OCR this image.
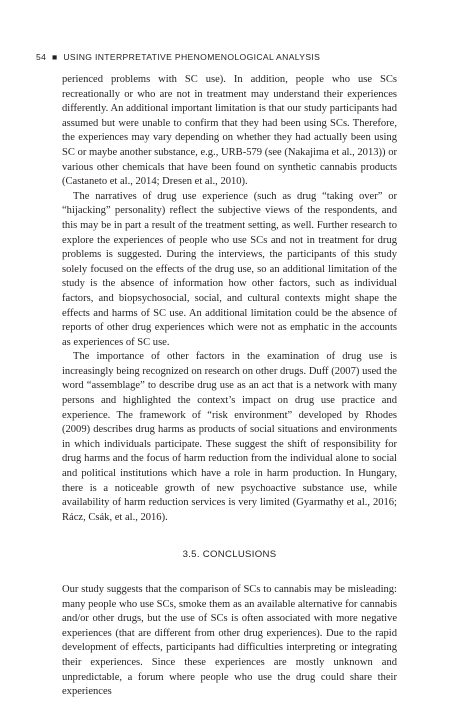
54 ■ USING INTERPRETATIVE PHENOMENOLOGICAL ANALYSIS

perienced problems with SC use). In addition, people who use SCs recreationally or who are not in treatment may understand their experiences differently. An additional important limitation is that our study participants had assumed but were unable to confirm that they had been using SCs. Therefore, the experiences may vary depending on whether they had actually been using SC or maybe another substance, e.g., URB-579 (see (Nakajima et al., 2013)) or various other chemicals that have been found on synthetic cannabis products (Castaneto et al., 2014; Dresen et al., 2010).

The narratives of drug use experience (such as drug “taking over” or “hijacking” personality) reflect the subjective views of the respondents, and this may be in part a result of the treatment setting, as well. Further research to explore the experiences of people who use SCs and not in treatment for drug problems is suggested. During the interviews, the participants of this study solely focused on the effects of the drug use, so an additional limitation of the study is the absence of information how other factors, such as individual factors, and biopsychosocial, social, and cultural contexts might shape the effects and harms of SC use. An additional limitation could be the absence of reports of other drug experiences which were not as emphatic in the accounts as experiences of SC use.

The importance of other factors in the examination of drug use is increasingly being recognized on research on other drugs. Duff (2007) used the word “assemblage” to describe drug use as an act that is a network with many persons and highlighted the context’s impact on drug use practice and experience. The framework of “risk environment” developed by Rhodes (2009) describes drug harms as products of social situations and environments in which individuals participate. These suggest the shift of responsibility for drug harms and the focus of harm reduction from the individual alone to social and political institutions which have a role in harm production. In Hungary, there is a noticeable growth of new psychoactive substance use, while availability of harm reduction services is very limited (Gyarmathy et al., 2016; Rácz, Csák, et al., 2016).

3.5. CONCLUSIONS

Our study suggests that the comparison of SCs to cannabis may be misleading: many people who use SCs, smoke them as an available alternative for cannabis and/or other drugs, but the use of SCs is often associated with more negative experiences (that are different from other drug experiences). Due to the rapid development of effects, participants had difficulties interpreting or integrating their experiences. Since these experiences are mostly unknown and unpredictable, a forum where people who use the drug could share their experiences
